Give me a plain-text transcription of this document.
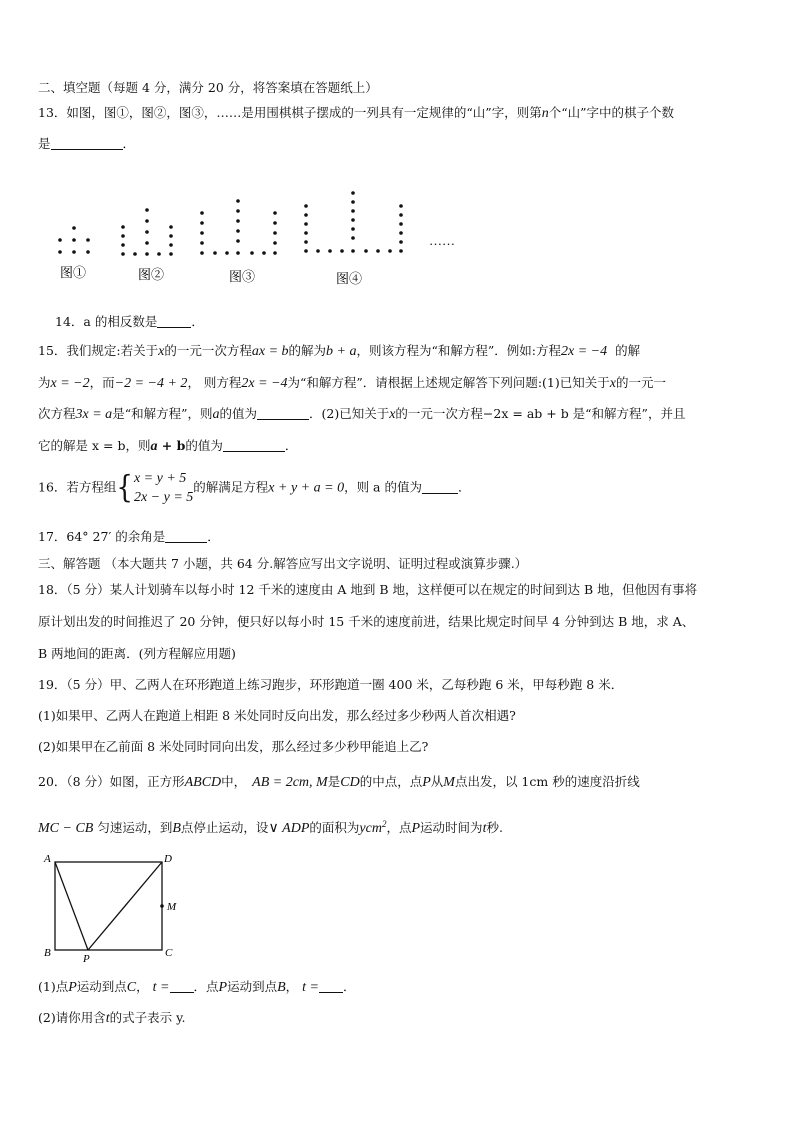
二、填空题（每题 4 分，满分 20 分，将答案填在答题纸上）
13．如图，图①，图②，图③，……是用围棋棋子摆成的一列具有一定规律的“山”字，则第n个“山”字中的棋子个数
是	．
……
图①	图②	图③	图④
14．a 的相反数是	．
15．我们规定:若关于x的一元一次方程ax = b的解为b + a，则该方程为“和解方程”．例如:方程2x = −4 的解
为x = −2，而−2 = −4 + 2， 则方程2x = −4为“和解方程”．请根据上述规定解答下列问题:(1)已知关于x的一元一
次方程3x = a是“和解方程”，则a的值为	．(2)已知关于x的一元一次方程−2x = ab + b 是“和解方程”，并且
它的解是 x = b，则a + b的值为	．
16．若方程组{ x = y + 5
2x − y = 5
的解满足方程x + y + a = 0，则 a 的值为	．
17．64° 27′ 的余角是	．
三、解答题 （本大题共 7 小题，共 64 分.解答应写出文字说明、证明过程或演算步骤.）
18．（5 分）某人计划骑车以每小时 12 千米的速度由 A 地到 B 地，这样便可以在规定的时间到达 B 地，但他因有事将
原计划出发的时间推迟了 20 分钟，便只好以每小时 15 千米的速度前进，结果比规定时间早 4 分钟到达 B 地，求 A、
B 两地间的距离．(列方程解应用题)
19．（5 分）甲、乙两人在环形跑道上练习跑步，环形跑道一圈 400 米，乙每秒跑 6 米，甲每秒跑 8 米．
(1)如果甲、乙两人在跑道上相距 8 米处同时反向出发，那么经过多少秒两人首次相遇?
(2)如果甲在乙前面 8 米处同时同向出发，那么经过多少秒甲能追上乙?
20．（8 分）如图，正方形ABCD中， AB = 2cm, M是CD的中点，点P从M点出发，以 1cm 秒的速度沿折线
MC − CB 匀速运动，到B点停止运动，设∨ ADP的面积为ycm$^2$，点P运动时间为t秒.
A	D
M
B	C
P
(1)点P运动到点C， t = ．点P运动到点B， t = ．
(2)请你用含t的式子表示 y.
